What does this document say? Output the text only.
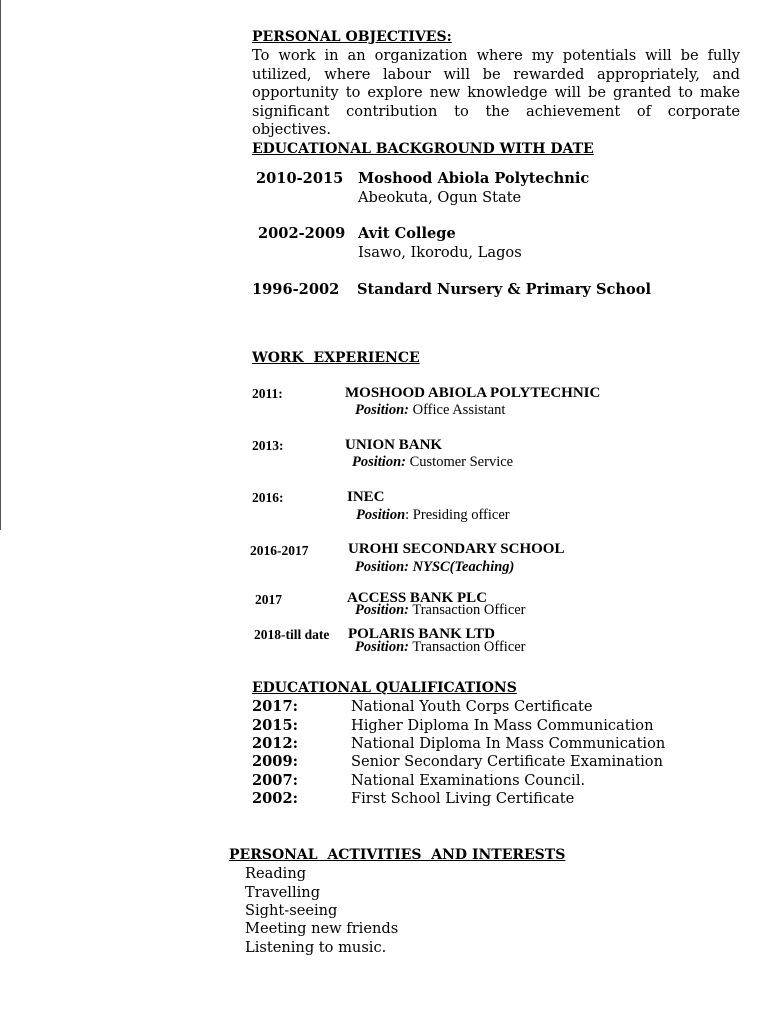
PERSONAL OBJECTIVES:
To work in an organization where my potentials will be fully utilized, where labour will be rewarded appropriately, and opportunity to explore new knowledge will be granted to make significant contribution to the achievement of corporate objectives.
EDUCATIONAL BACKGROUND WITH DATE
2010-2015 Moshood Abiola Polytechnic
Abeokuta, Ogun State
2002-2009 Avit College
Isawo, Ikorodu, Lagos
1996-2002 Standard Nursery & Primary School
WORK  EXPERIENCE
2011:	MOSHOOD ABIOLA POLYTECHNIC
Position: Office Assistant
2013:	UNION BANK
Position: Customer Service
2016:	INEC
Position: Presiding officer
2016-2017	UROHI SECONDARY SCHOOL
Position: NYSC(Teaching)
2017	ACCESS BANK PLC
Position: Transaction Officer
2018-till date POLARIS BANK LTD
Position: Transaction Officer
EDUCATIONAL QUALIFICATIONS
2017:	National Youth Corps Certificate
2015:	Higher Diploma In Mass Communication
2012:	National Diploma In Mass Communication
2009:	Senior Secondary Certificate Examination
2007:	National Examinations Council.
2002:	First School Living Certificate
PERSONAL  ACTIVITIES  AND INTERESTS
Reading
Travelling
Sight-seeing
Meeting new friends
Listening to music.
